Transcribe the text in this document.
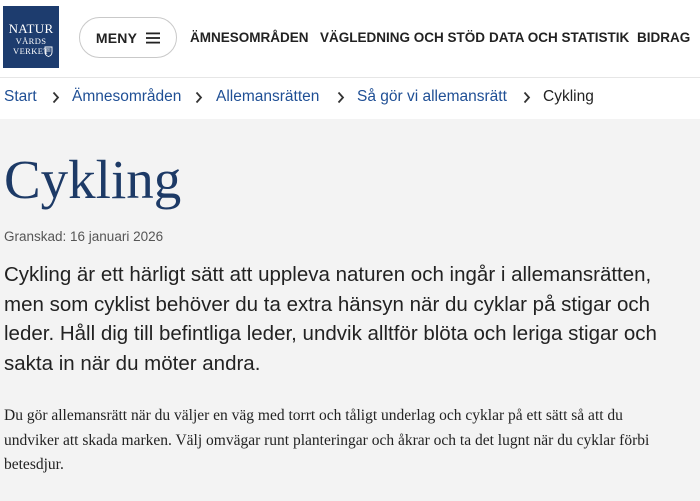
NATUR
VÅRDS
VERKET
MENY	ÄMNESOMRÅDEN VÄGLEDNING OCH STÖD DATA OCH STATISTIK BIDRAG
Start Ämnesområden Allemansrätten Så gör vi allemansrätt Cykling
Cykling
Granskad: 16 januari 2026

Cykling är ett härligt sätt att uppleva naturen och ingår i allemansrätten, men som cyklist behöver du ta extra hänsyn när du cyklar på stigar och leder. Håll dig till befintliga leder, undvik alltför blöta och leriga stigar och sakta in när du möter andra.

Du gör allemansrätt när du väljer en väg med torrt och tåligt underlag och cyklar på ett sätt så att du undviker att skada marken. Välj omvägar runt planteringar och åkrar och ta det lugnt när du cyklar förbi betesdjur.
